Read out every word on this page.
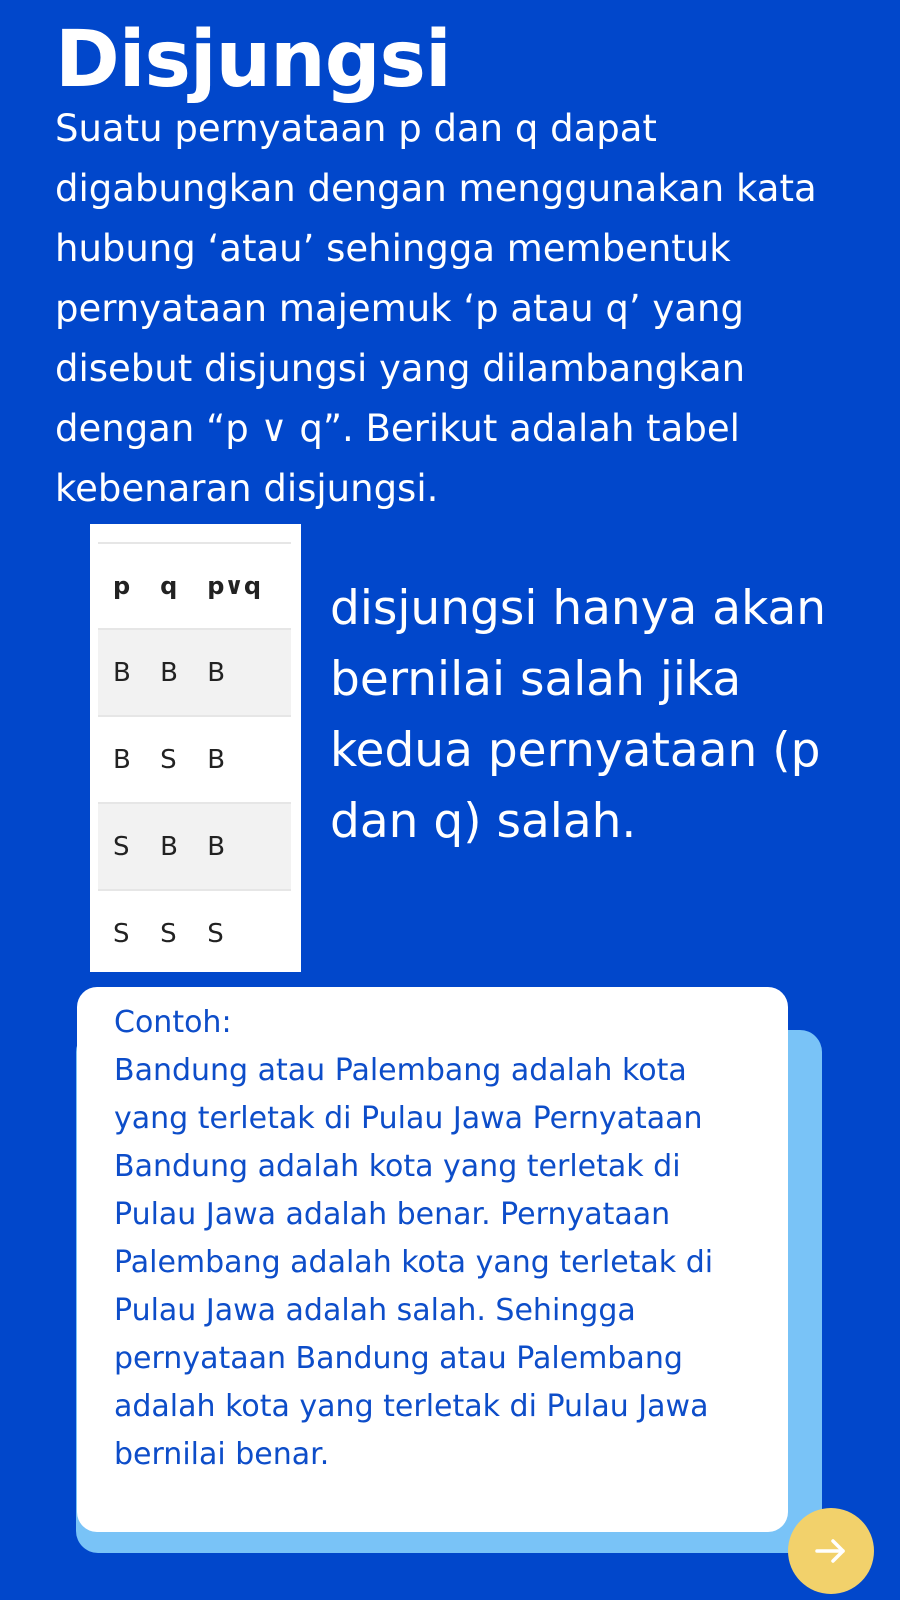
Disjungsi

Suatu pernyataan p dan q dapat digabungkan dengan menggunakan kata hubung ‘atau’ sehingga membentuk pernyataan majemuk ‘p atau q’ yang disebut disjungsi yang dilambangkan dengan “p ∨ q”. Berikut adalah tabel kebenaran disjungsi.

p	q	p∨q
B	B	B
B	S	B
S	B	B
S	S	S

disjungsi hanya akan bernilai salah jika kedua pernyataan (p dan q) salah.

Contoh:

Bandung atau Palembang adalah kota yang terletak di Pulau Jawa Pernyataan Bandung adalah kota yang terletak di Pulau Jawa adalah benar. Pernyataan Palembang adalah kota yang terletak di Pulau Jawa adalah salah. Sehingga pernyataan Bandung atau Palembang adalah kota yang terletak di Pulau Jawa bernilai benar.
